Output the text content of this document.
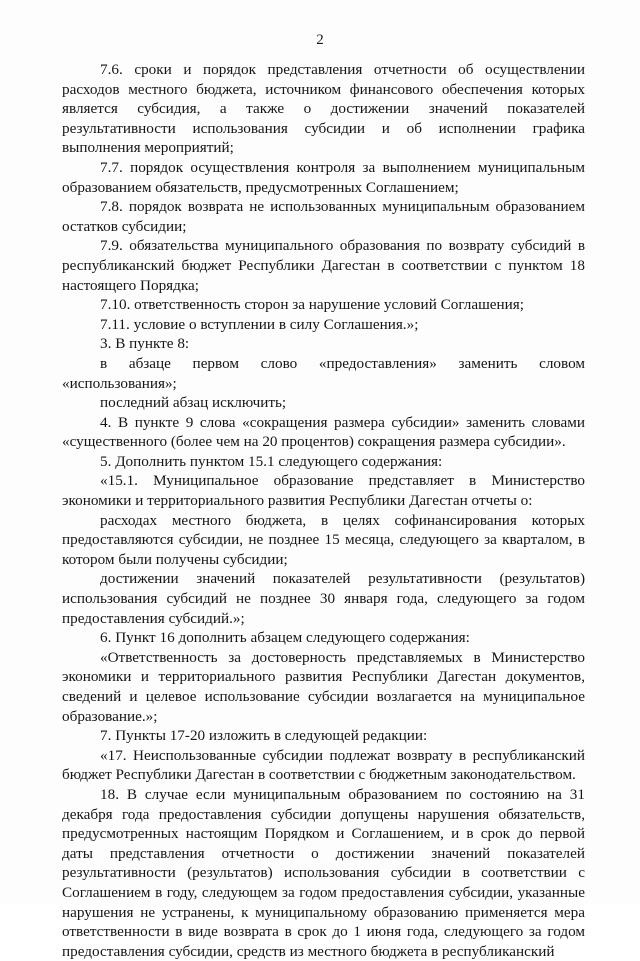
2

7.6. сроки и порядок представления отчетности об осуществлении расходов местного бюджета, источником финансового обеспечения которых является субсидия, а также о достижении значений показателей результативности использования субсидии и об исполнении графика выполнения мероприятий;

7.7. порядок осуществления контроля за выполнением муниципальным образованием обязательств, предусмотренных Соглашением;

7.8. порядок возврата не использованных муниципальным образованием остатков субсидии;

7.9. обязательства муниципального образования по возврату субсидий в республиканский бюджет Республики Дагестан в соответствии с пунктом 18 настоящего Порядка;

7.10. ответственность сторон за нарушение условий Соглашения;

7.11. условие о вступлении в силу Соглашения.»;

3. В пункте 8:

в абзаце первом слово «предоставления» заменить словом «использования»;

последний абзац исключить;

4. В пункте 9 слова «сокращения размера субсидии» заменить словами «существенного (более чем на 20 процентов) сокращения размера субсидии».

5. Дополнить пунктом 15.1 следующего содержания:

«15.1. Муниципальное образование представляет в Министерство экономики и территориального развития Республики Дагестан отчеты о:

расходах местного бюджета, в целях софинансирования которых предоставляются субсидии, не позднее 15 месяца, следующего за кварталом, в котором были получены субсидии;

достижении значений показателей результативности (результатов) использования субсидий не позднее 30 января года, следующего за годом предоставления субсидий.»;

6. Пункт 16 дополнить абзацем следующего содержания:

«Ответственность за достоверность представляемых в Министерство экономики и территориального развития Республики Дагестан документов, сведений и целевое использование субсидии возлагается на муниципальное образование.»;

7. Пункты 17-20 изложить в следующей редакции:

«17. Неиспользованные субсидии подлежат возврату в республиканский бюджет Республики Дагестан в соответствии с бюджетным законодательством.

18. В случае если муниципальным образованием по состоянию на 31 декабря года предоставления субсидии допущены нарушения обязательств, предусмотренных настоящим Порядком и Соглашением, и в срок до первой даты представления отчетности о достижении значений показателей результативности (результатов) использования субсидии в соответствии с Соглашением в году, следующем за годом предоставления субсидии, указанные нарушения не устранены, к муниципальному образованию применяется мера ответственности в виде возврата в срок до 1 июня года, следующего за годом предоставления субсидии, средств из местного бюджета в республиканский
